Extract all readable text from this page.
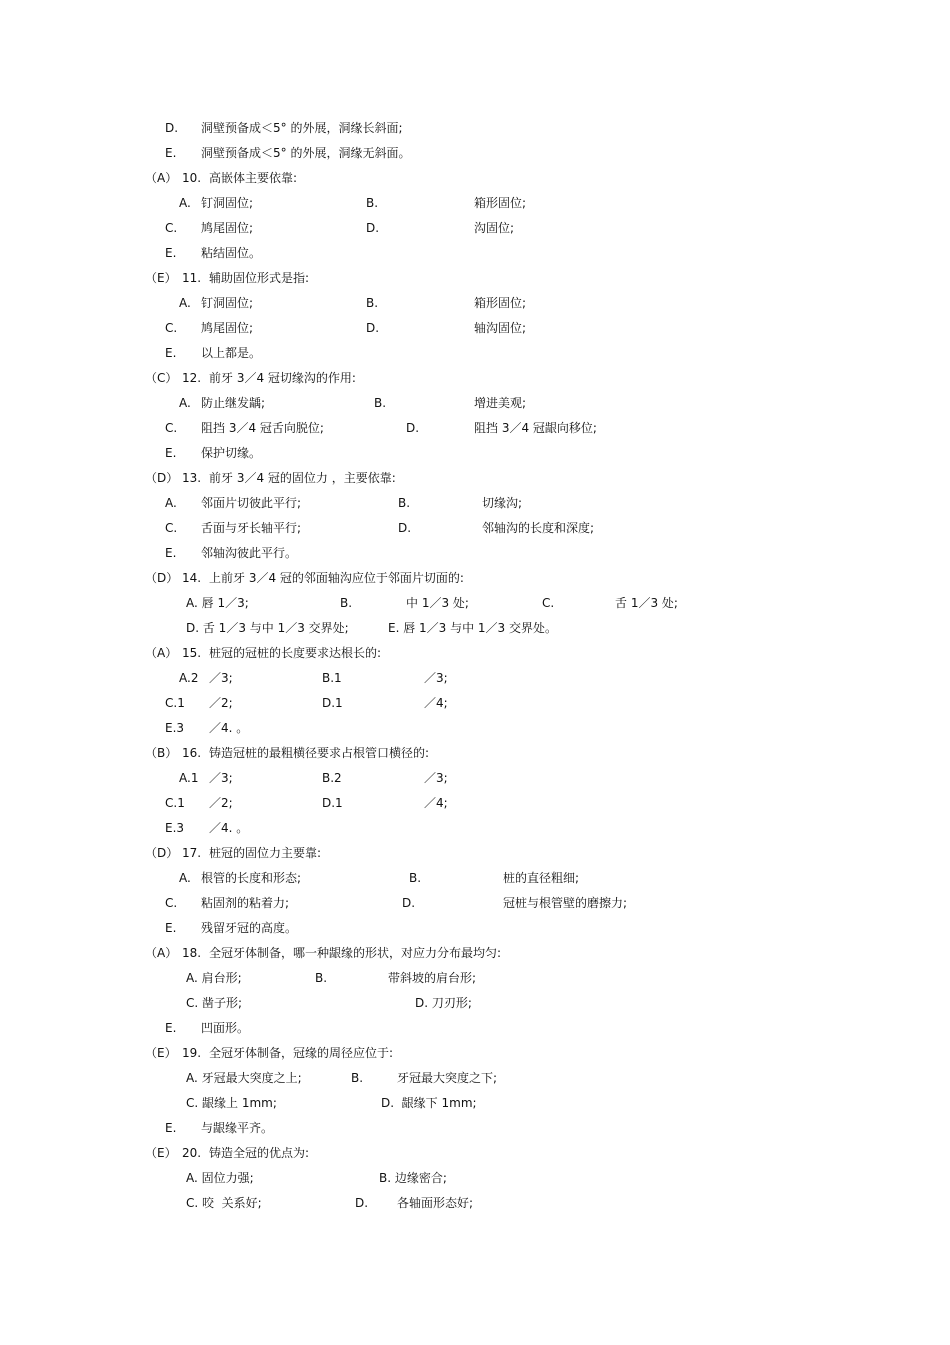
D. 洞壁预备成＜5° 的外展，洞缘长斜面;
E. 洞壁预备成＜5° 的外展，洞缘无斜面。
（A） 10. 高嵌体主要依靠:
A. 钉洞固位;	B.	箱形固位;
C. 鸠尾固位;	D.	沟固位;
E. 粘结固位。
（E） 11. 辅助固位形式是指:
A. 钉洞固位;	B.	箱形固位;
C. 鸠尾固位;	D.	轴沟固位;
E. 以上都是。
（C） 12. 前牙 3／4 冠切缘沟的作用:
A. 防止继发龋;	B.	增进美观;
C. 阻挡 3／4 冠舌向脱位;	D.	阻挡 3／4 冠龈向移位;
E. 保护切缘。
（D） 13. 前牙 3／4 冠的固位力 ，主要依靠:
A. 邻面片切彼此平行;	B.	切缘沟;
C. 舌面与牙长轴平行;	D.	邻轴沟的长度和深度;
E. 邻轴沟彼此平行。
（D） 14. 上前牙 3／4 冠的邻面轴沟应位于邻面片切面的:
A. 唇 1／3;	B.	中 1／3 处;	C.	舌 1／3 处;
D. 舌 1／3 与中 1／3 交界处;	E. 唇 1／3 与中 1／3 交界处。
（A） 15. 桩冠的冠桩的长度要求达根长的:
A.2 ／3;	B.1	／3;
C.1 ／2;	D.1	／4;
E.3 ／4. 。
（B） 16. 铸造冠桩的最粗横径要求占根管口横径的:
A.1 ／3;	B.2	／3;
C.1 ／2;	D.1	／4;
E.3 ／4. 。
（D） 17. 桩冠的固位力主要靠:
A. 根管的长度和形态;	B.	桩的直径粗细;
C. 粘固剂的粘着力;	D.	冠桩与根管壁的磨擦力;
E. 残留牙冠的高度。
（A） 18. 全冠牙体制备，哪一种龈缘的形状，对应力分布最均匀:
A. 肩台形;	B.	带斜坡的肩台形;
C. 凿子形;	D. 刀刃形;
E. 凹面形。
（E） 19. 全冠牙体制备，冠缘的周径应位于:
A. 牙冠最大突度之上;	B.	牙冠最大突度之下;
C. 龈缘上 1mm;	D.  龈缘下 1mm;
E. 与龈缘平齐。
（E） 20. 铸造全冠的优点为:
A. 固位力强;	B. 边缘密合;
C. 咬  关系好;	D. 各轴面形态好;
